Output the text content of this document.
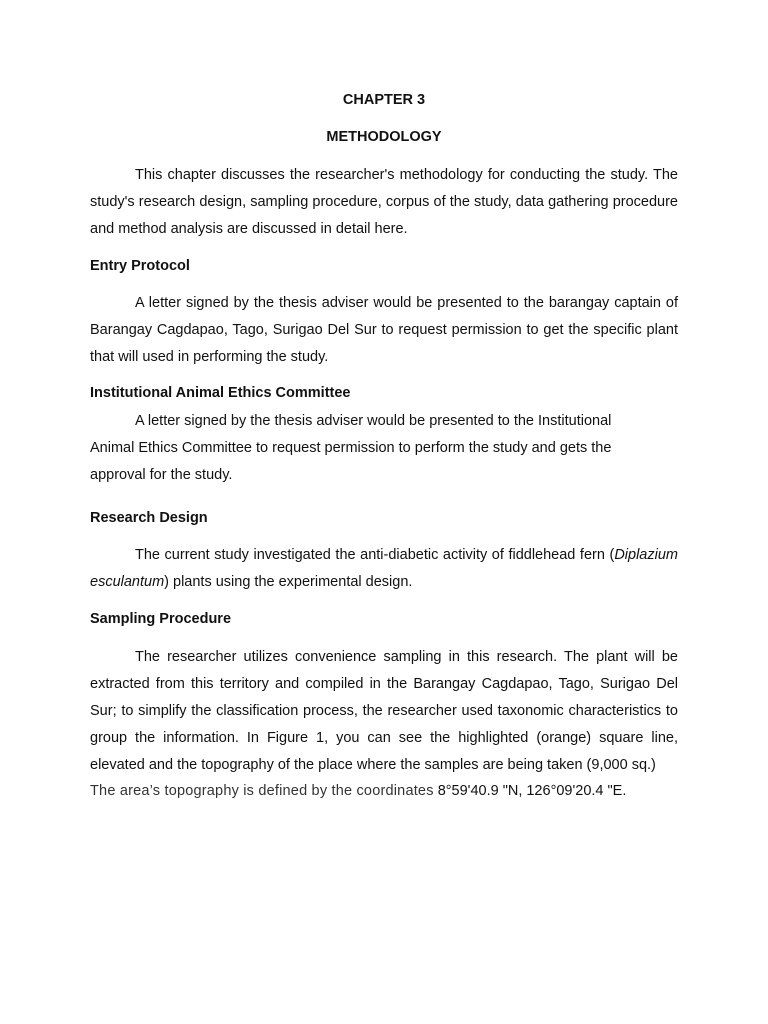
CHAPTER 3

METHODOLOGY

This chapter discusses the researcher's methodology for conducting the study. The study's research design, sampling procedure, corpus of the study, data gathering procedure and method analysis are discussed in detail here.

Entry Protocol

A letter signed by the thesis adviser would be presented to the barangay captain of Barangay Cagdapao, Tago, Surigao Del Sur to request permission to get the specific plant that will used in performing the study.

Institutional Animal Ethics Committee

A letter signed by the thesis adviser would be presented to the Institutional
Animal Ethics Committee to request permission to perform the study and gets the
approval for the study.

Research Design

The current study investigated the anti-diabetic activity of fiddlehead fern (Diplazium esculantum) plants using the experimental design.

Sampling Procedure

The researcher utilizes convenience sampling in this research. The plant will be extracted from this territory and compiled in the Barangay Cagdapao, Tago, Surigao Del Sur; to simplify the classification process, the researcher used taxonomic characteristics to group the information. In Figure 1, you can see the highlighted (orange) square line, elevated and the topography of the place where the samples are being taken (9,000 sq.)

The area’s topography is defined by the coordinates 8°59'40.9 "N, 126°09'20.4 "E.
